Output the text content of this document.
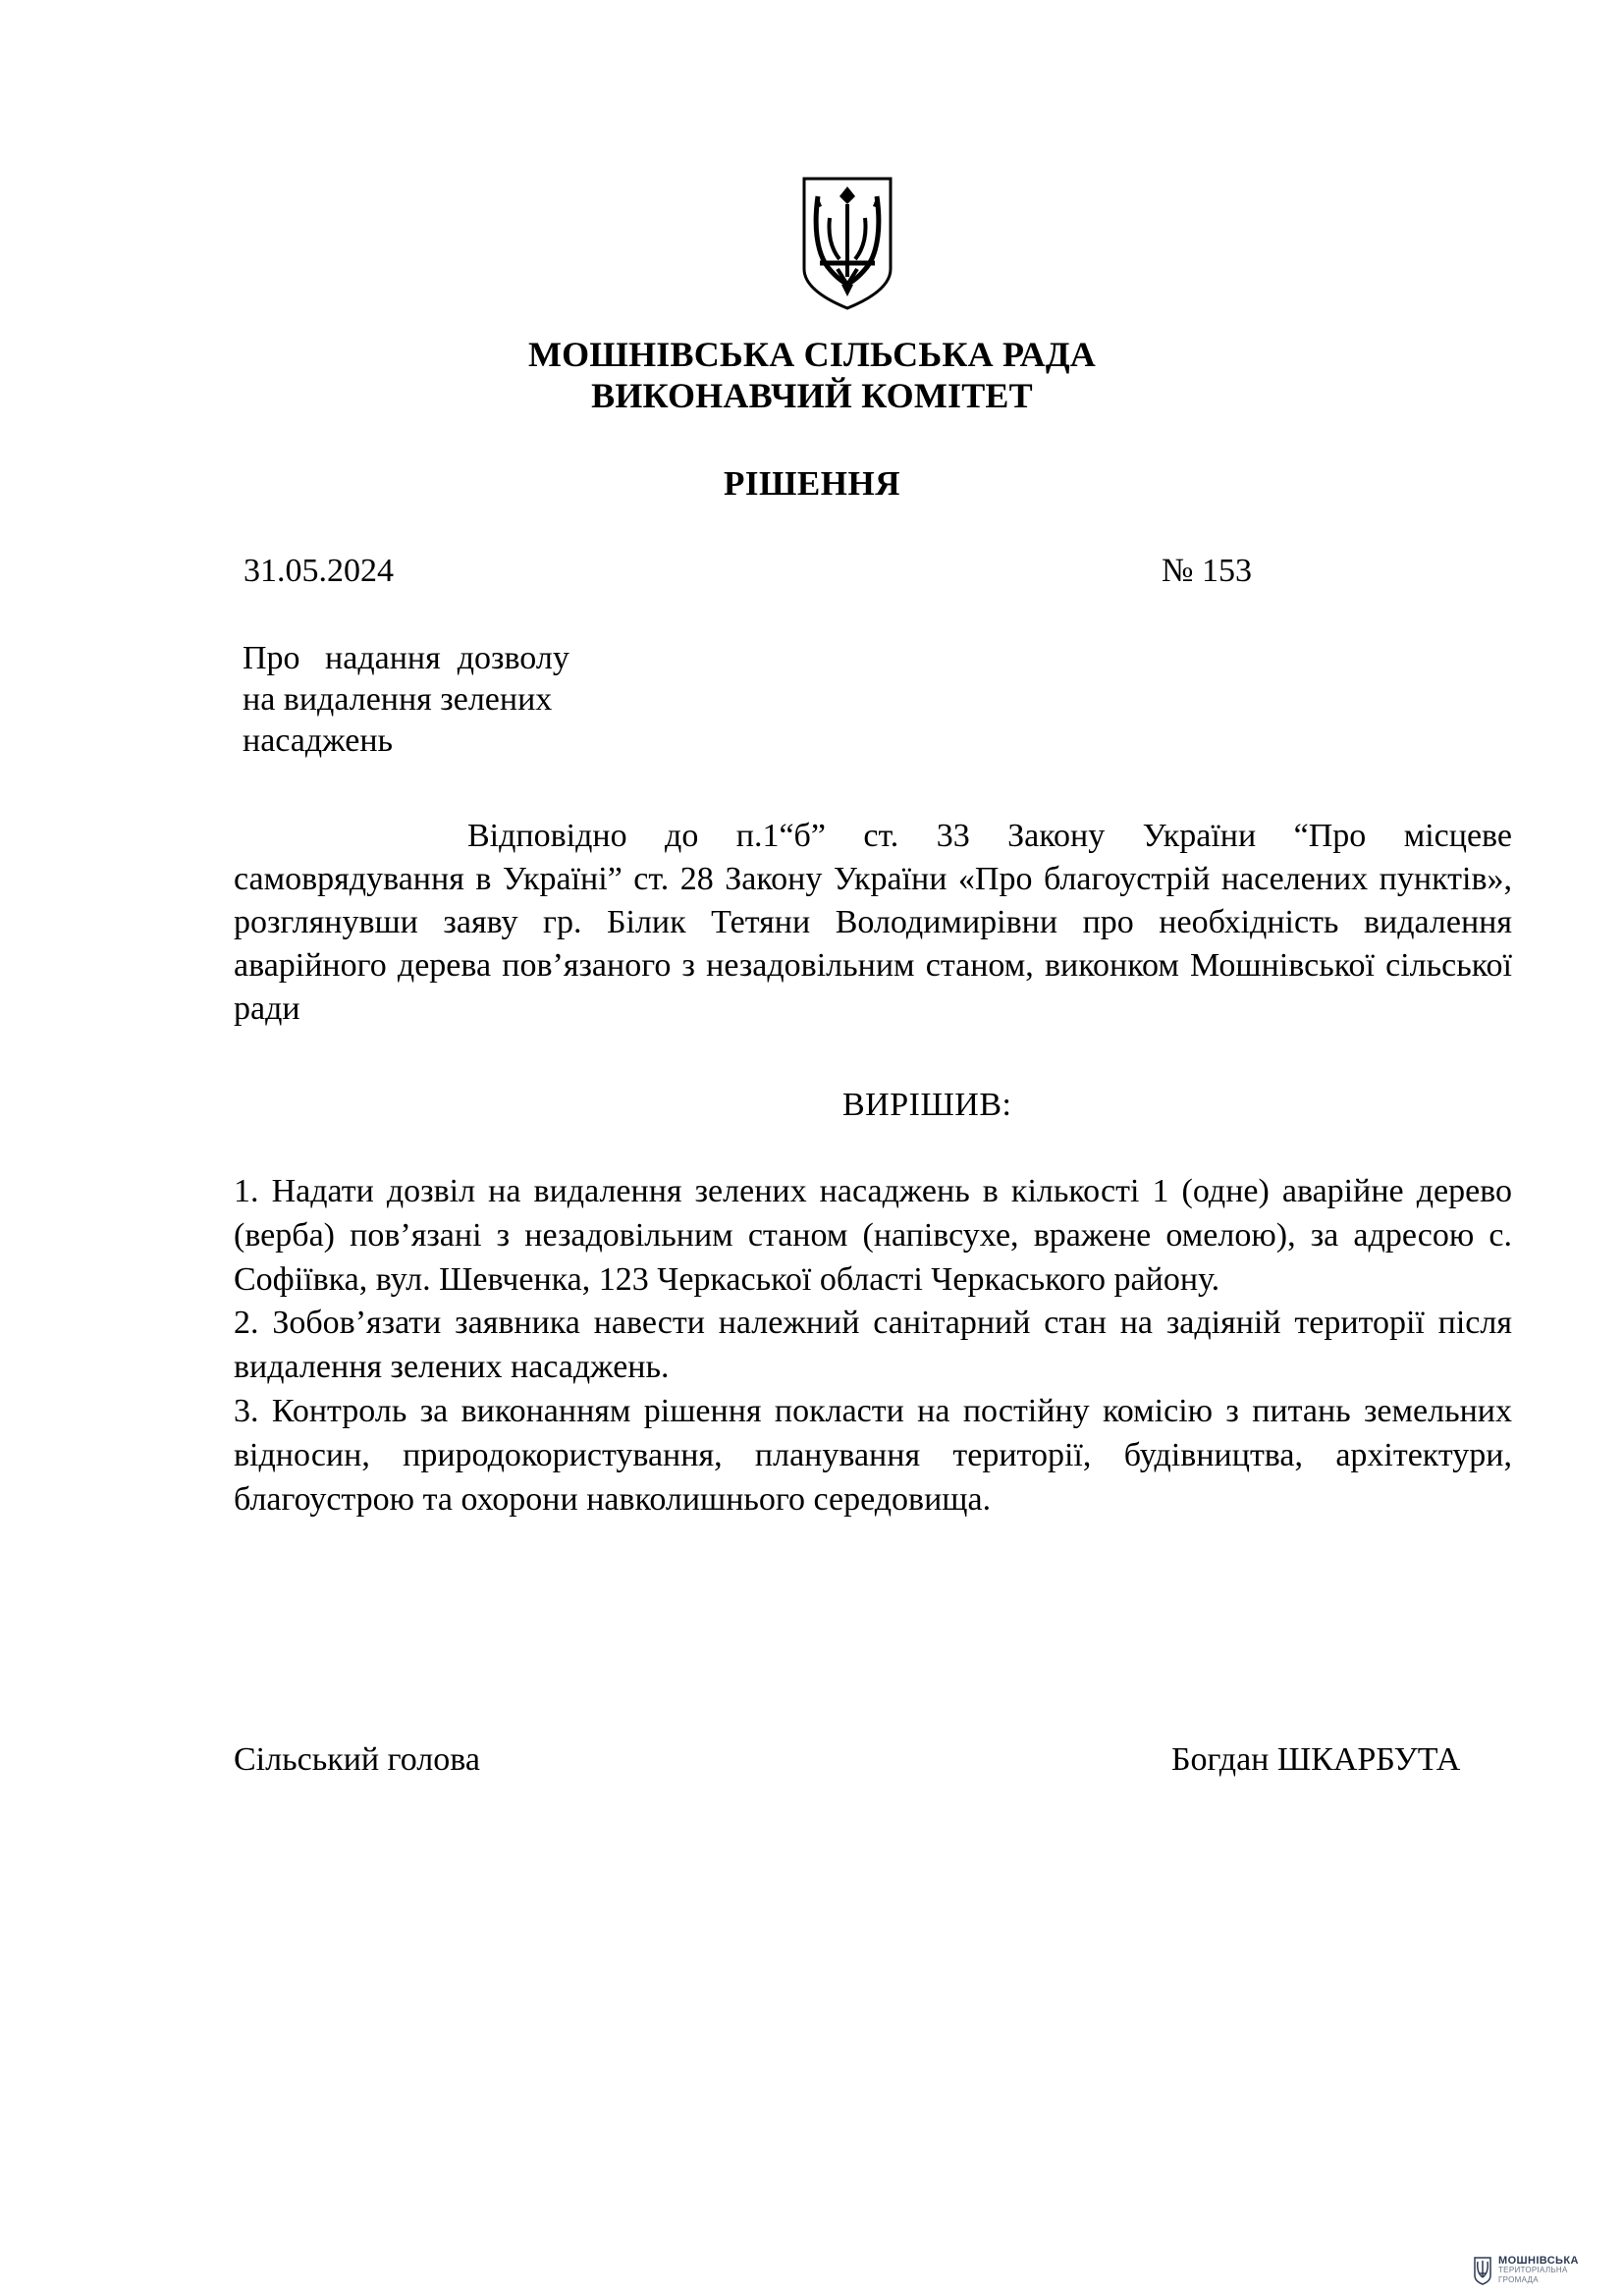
МОШНІВСЬКА СІЛЬСЬКА РАДА
ВИКОНАВЧИЙ КОМІТЕТ
РІШЕННЯ
31.05.2024	№ 153
Про   надання  дозволу
на видалення зелених
насаджень

Відповідно до п.1“б” ст. 33 Закону України “Про місцеве самоврядування в Україні” ст. 28 Закону України «Про благоустрій населених пунктів», розглянувши заяву гр. Білик Тетяни Володимирівни про необхідність видалення аварійного дерева пов’язаного з незадовільним станом, виконком Мошнівської сільської ради

ВИРІШИВ:

1. Надати дозвіл на видалення зелених насаджень в кількості 1 (одне) аварійне дерево (верба) пов’язані з незадовільним станом (напівсухе, вражене омелою), за адресою с. Софіївка, вул. Шевченка, 123 Черкаської області Черкаського району.

2. Зобов’язати заявника навести належний санітарний стан на задіяній території після видалення зелених насаджень.

3. Контроль за виконанням рішення покласти на постійну комісію з питань земельних відносин, природокористування, планування території, будівництва, архітектури, благоустрою та охорони навколишнього середовища.

Сільський голова	Богдан ШКАРБУТА
МОШНІВСЬКА
ТЕРИТОРІАЛЬНА
ГРОМАДА
